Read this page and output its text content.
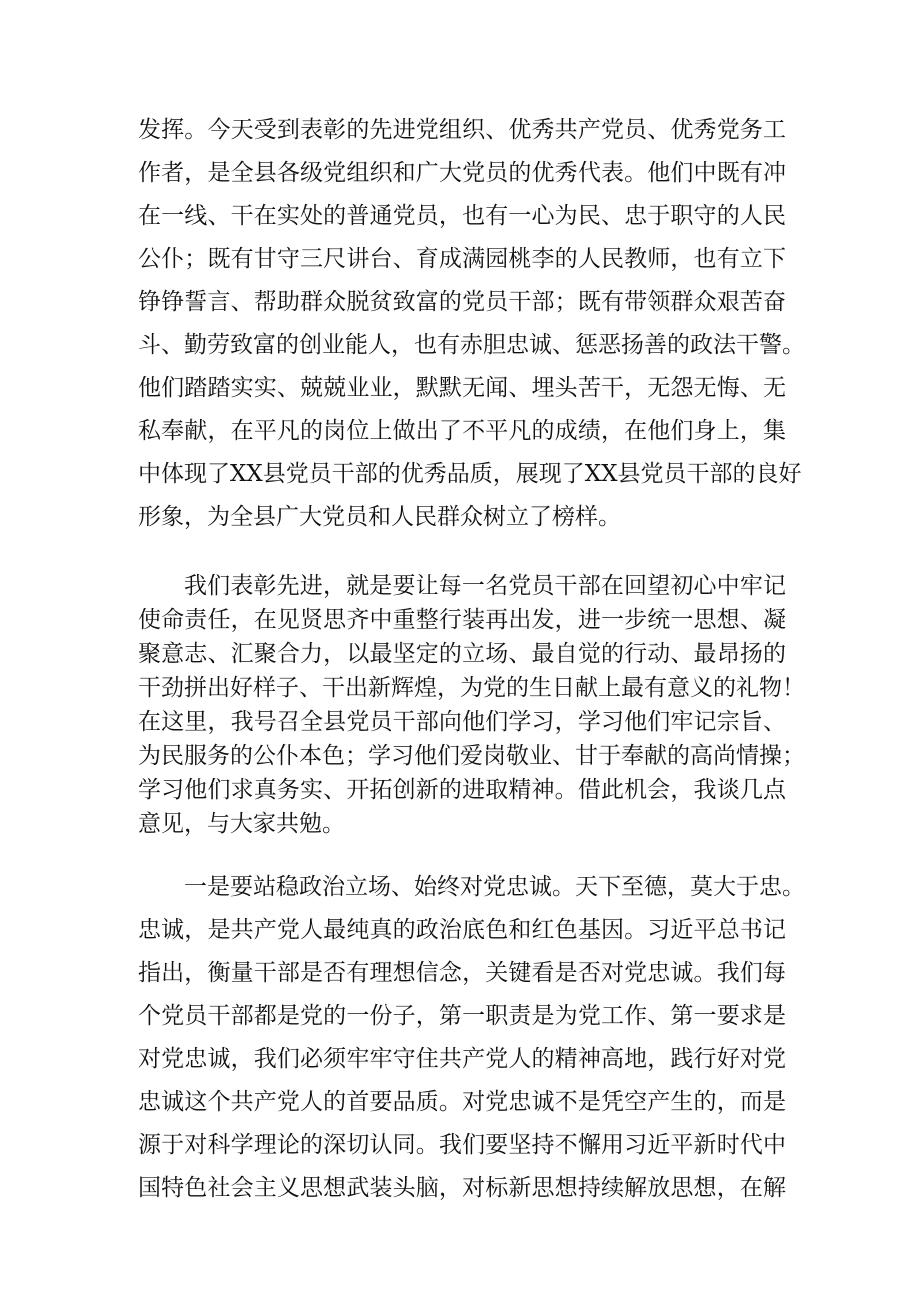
发挥。今天受到表彰的先进党组织、优秀共产党员、优秀党务工
作者，是全县各级党组织和广大党员的优秀代表。他们中既有冲
在一线、干在实处的普通党员，也有一心为民、忠于职守的人民
公仆；既有甘守三尺讲台、育成满园桃李的人民教师，也有立下
铮铮誓言、帮助群众脱贫致富的党员干部；既有带领群众艰苦奋
斗、勤劳致富的创业能人，也有赤胆忠诚、惩恶扬善的政法干警。
他们踏踏实实、兢兢业业，默默无闻、埋头苦干，无怨无悔、无
私奉献，在平凡的岗位上做出了不平凡的成绩，在他们身上，集
中体现了XX县党员干部的优秀品质，展现了XX县党员干部的良好
形象，为全县广大党员和人民群众树立了榜样。
我们表彰先进，就是要让每一名党员干部在回望初心中牢记
使命责任，在见贤思齐中重整行装再出发，进一步统一思想、凝
聚意志、汇聚合力，以最坚定的立场、最自觉的行动、最昂扬的
干劲拼出好样子、干出新辉煌，为党的生日献上最有意义的礼物！
在这里，我号召全县党员干部向他们学习，学习他们牢记宗旨、
为民服务的公仆本色；学习他们爱岗敬业、甘于奉献的高尚情操；
学习他们求真务实、开拓创新的进取精神。借此机会，我谈几点
意见，与大家共勉。
一是要站稳政治立场、始终对党忠诚。天下至德，莫大于忠。
忠诚，是共产党人最纯真的政治底色和红色基因。习近平总书记
指出，衡量干部是否有理想信念，关键看是否对党忠诚。我们每
个党员干部都是党的一份子，第一职责是为党工作、第一要求是
对党忠诚，我们必须牢牢守住共产党人的精神高地，践行好对党
忠诚这个共产党人的首要品质。对党忠诚不是凭空产生的，而是
源于对科学理论的深切认同。我们要坚持不懈用习近平新时代中
国特色社会主义思想武装头脑，对标新思想持续解放思想，在解
